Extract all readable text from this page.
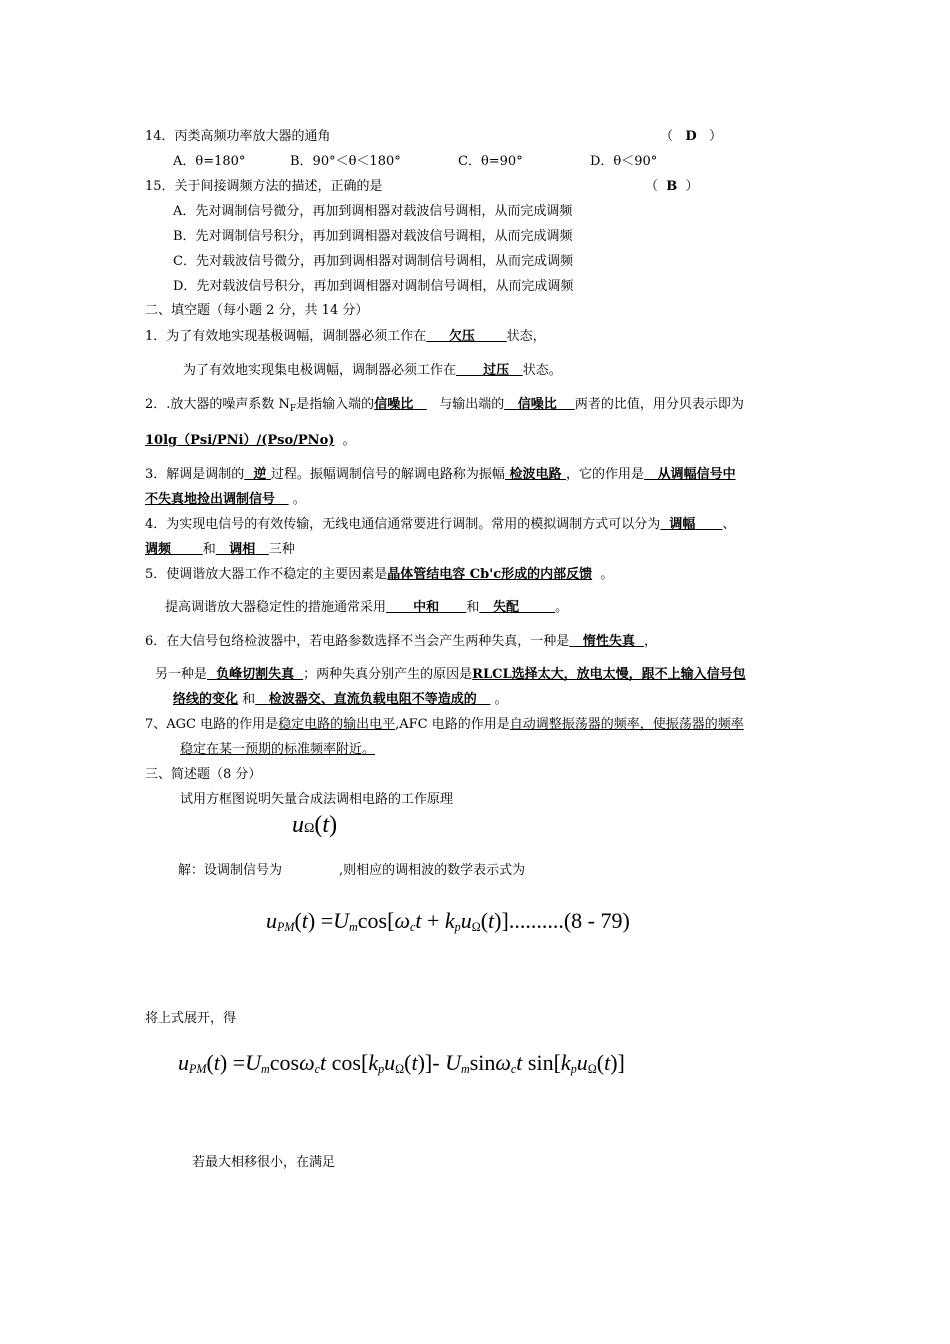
14．丙类高频功率放大器的通角	（ D ）
A．θ=180°	B．90°＜θ＜180°	C．θ=90°	D．θ＜90°
15．关于间接调频方法的描述，正确的是	（ B ）
A．先对调制信号微分，再加到调相器对载波信号调相，从而完成调频
B．先对调制信号积分，再加到调相器对载波信号调相，从而完成调频
C．先对载波信号微分，再加到调相器对调制信号调相，从而完成调频
D．先对载波信号积分，再加到调相器对调制信号调相，从而完成调频
二、填空题（每小题 2 分，共 14 分）
1．为了有效地实现基极调幅，调制器必须工作在 欠压 状态，
为了有效地实现集电极调幅，调制器必须工作在 过压 状态。
2．.放大器的噪声系数 $N_F$是指输入端的信噪比 与输出端的 信噪比 两者的比值，用分贝表示即为
10lg（Psi/PNi）/(Pso/PNo) 。
3．解调是调制的 逆 过程。振幅调制信号的解调电路称为振幅 检波电路 ，它的作用是 从调幅信号中
不失真地捡出调制信号 。
4．为实现电信号的有效传输，无线电通信通常要进行调制。常用的模拟调制方式可以分为 调幅 、
调频 和 调相 三种
5．使调谐放大器工作不稳定的主要因素是晶体管结电容 Cb'c形成的内部反馈 。
提高调谐放大器稳定性的措施通常采用 中和 和 失配	。
6．在大信号包络检波器中，若电路参数选择不当会产生两种失真，一种是 惰性失真 ，
另一种是 负峰切割失真 ；两种失真分别产生的原因是RLCL选择太大，放电太慢，跟不上输入信号包
络线的变化 和 检波器交、直流负载电阻不等造成的 。
7、AGC 电路的作用是稳定电路的输出电平,AFC 电路的作用是自动调整振荡器的频率，使振荡器的频率
稳定在某一预期的标准频率附近。
三、简述题（8 分）
试用方框图说明矢量合成法调相电路的工作原理
uΩ(t)
解：设调制信号为	,则相应的调相波的数学表示式为
$u_{PM}(t) =U_m\cos[\omega_ct + k_pu_\Omega(t)]..........(8 - 79)$
将上式展开，得
$u_{PM}(t) =U_m\cos\omega_ct$ $\cos[k_pu_\Omega(t)]-$ $U_m\sin\omega_ct$ $\sin[k_pu_\Omega(t)]$
若最大相移很小，在满足
